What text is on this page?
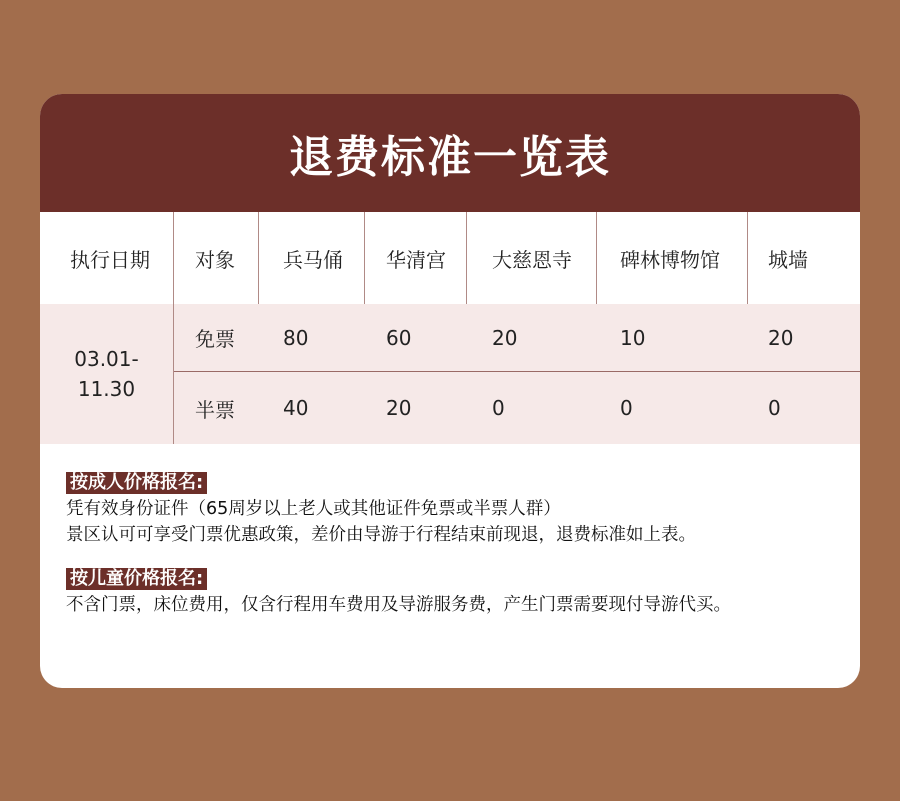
退费标准一览表
执行日期 对象 兵马俑 华清宫 大慈恩寺 碑林博物馆 城墙
03.01-
11.30
免票 80	60	20	10	20
半票 40	20	0	0	0
按成人价格报名:
凭有效身份证件（65周岁以上老人或其他证件免票或半票人群）
景区认可可享受门票优惠政策，差价由导游于行程结束前现退，退费标准如上表。
按儿童价格报名:
不含门票，床位费用，仅含行程用车费用及导游服务费，产生门票需要现付导游代买。
